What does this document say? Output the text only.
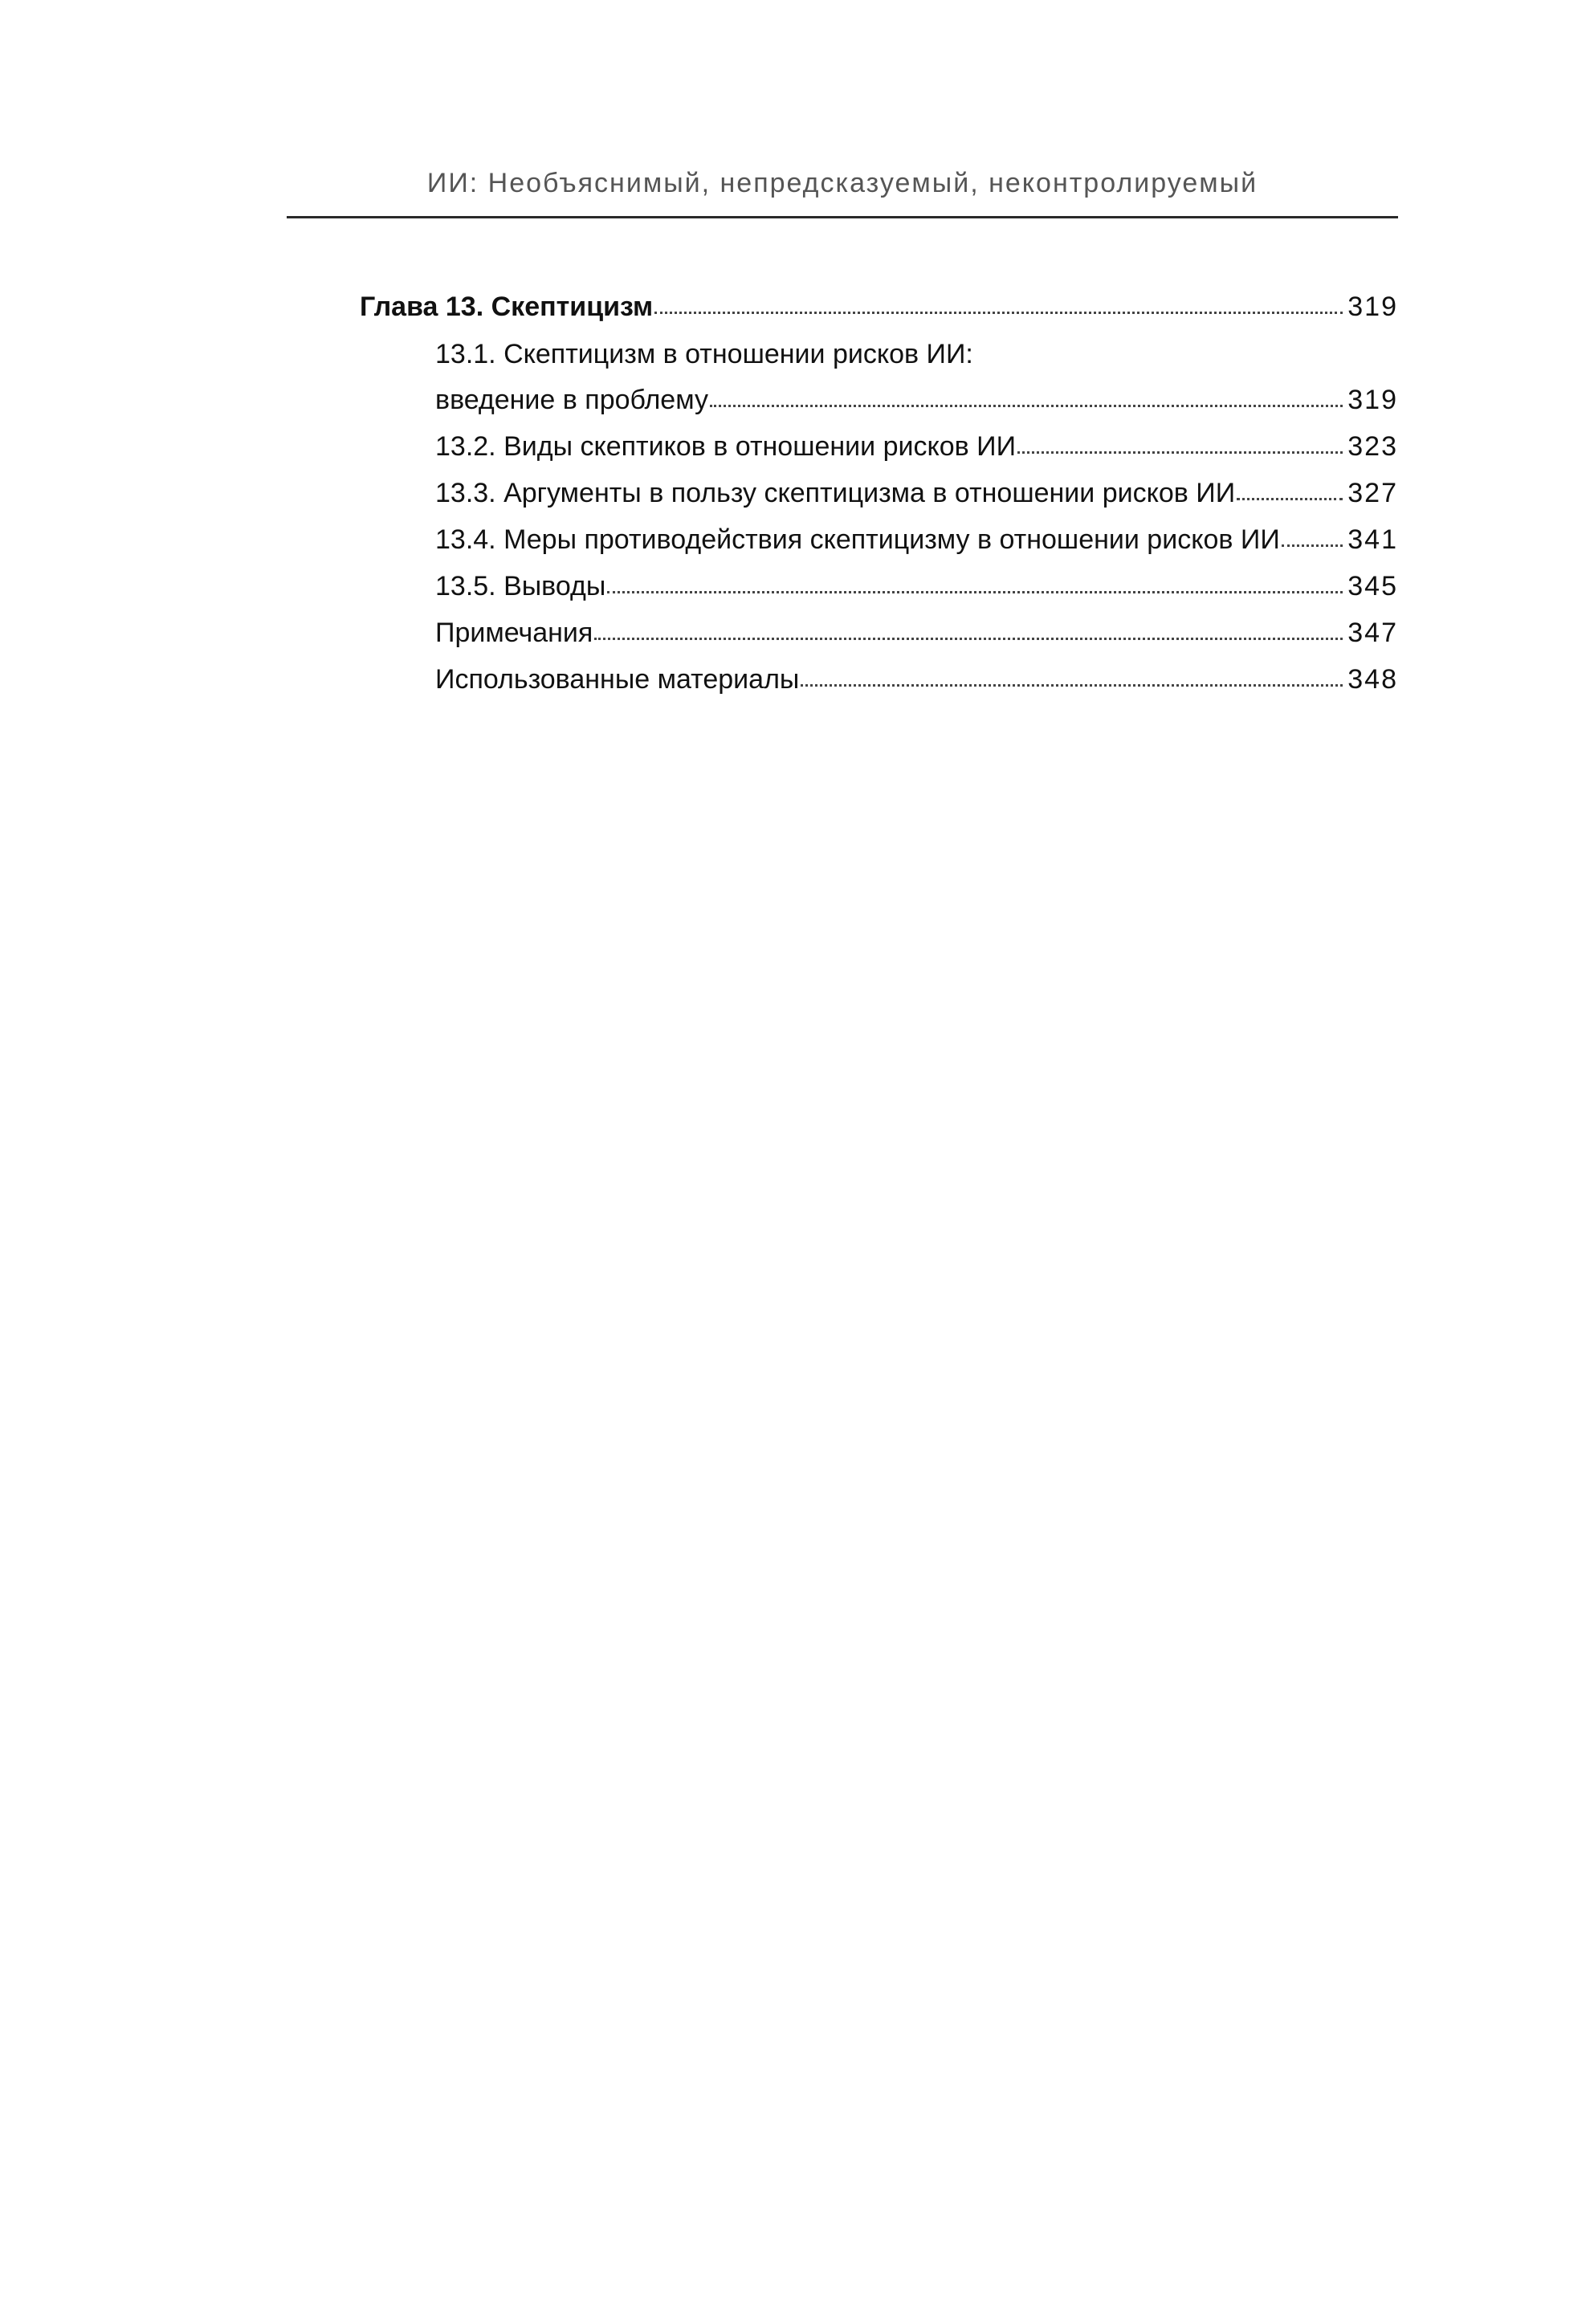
ИИ: Необъяснимый, непредсказуемый, неконтролируемый
Глава 13. Скептицизм	319
13.1. Скептицизм в отношении рисков ИИ:
введение в проблему	319
13.2. Виды скептиков в отношении рисков ИИ	323
13.3. Аргументы в пользу скептицизма в отношении рисков ИИ	327
13.4. Меры противодействия скептицизму в отношении рисков ИИ 341
13.5. Выводы	345
Примечания	347
Использованные материалы	348
